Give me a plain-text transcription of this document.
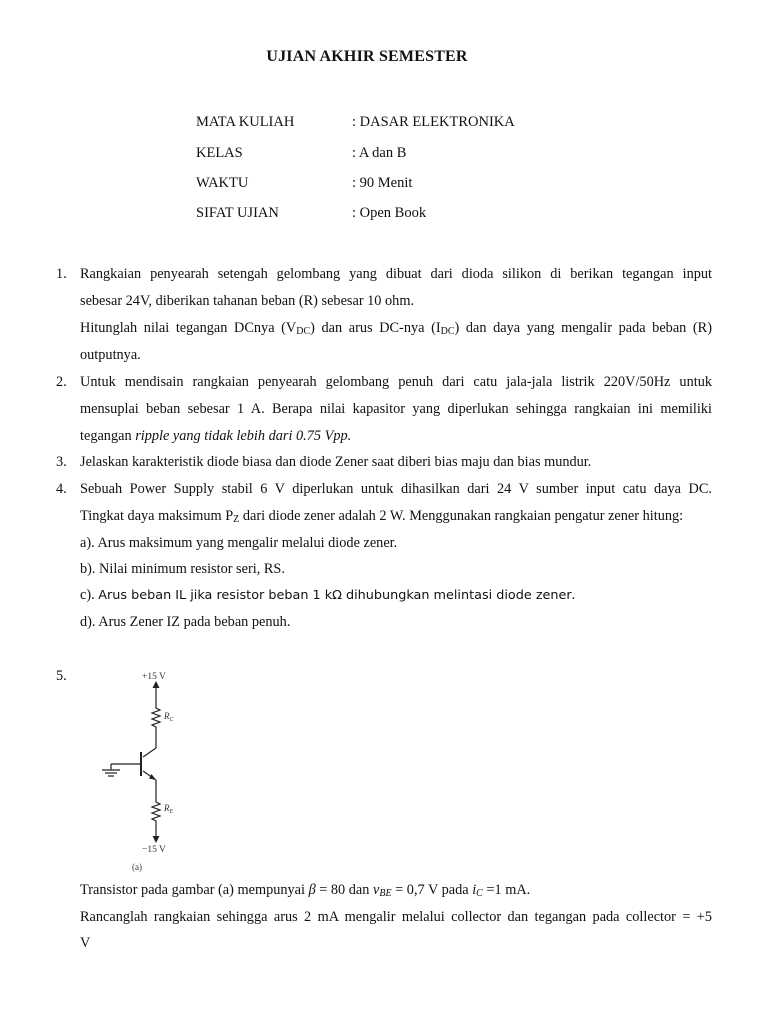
UJIAN AKHIR SEMESTER
MATA KULIAH	: DASAR ELEKTRONIKA
KELAS	: A dan B
WAKTU	: 90 Menit
SIFAT UJIAN	: Open Book
1. Rangkaian penyearah setengah gelombang yang dibuat dari dioda silikon di berikan tegangan input
sebesar 24V, diberikan tahanan beban (R) sebesar 10 ohm.
Hitunglah nilai tegangan DCnya $(V_{DC})$ dan arus DC-nya $(I_{DC})$ dan daya yang mengalir pada beban (R)
outputnya.
2. Untuk mendisain rangkaian penyearah gelombang penuh dari catu jala-jala listrik 220V/50Hz untuk
mensuplai beban sebesar 1 A. Berapa nilai kapasitor yang diperlukan sehingga rangkaian ini memiliki
tegangan ripple yang tidak lebih dari 0.75 Vpp.
3. Jelaskan karakteristik diode biasa dan diode Zener saat diberi bias maju dan bias mundur.
4. Sebuah Power Supply stabil 6 V diperlukan untuk dihasilkan dari 24 V sumber input catu daya DC.
Tingkat daya maksimum $P_Z$ dari diode zener adalah 2 W. Menggunakan rangkaian pengatur zener hitung:
a). Arus maksimum yang mengalir melalui diode zener.
b). Nilai minimum resistor seri, RS.
c). Arus beban IL jika resistor beban 1 kΩ dihubungkan melintasi diode zener.
d). Arus Zener IZ pada beban penuh.
5.	+15 V
$R_C$
$R_E$
−15 V
(a)
Transistor pada gambar (a) mempunyai β = 80 dan $v_{BE} = 0,7$ V pada $i_C =1$ mA.
Rancanglah rangkaian sehingga arus 2 mA mengalir melalui collector dan tegangan pada collector = +5
V
